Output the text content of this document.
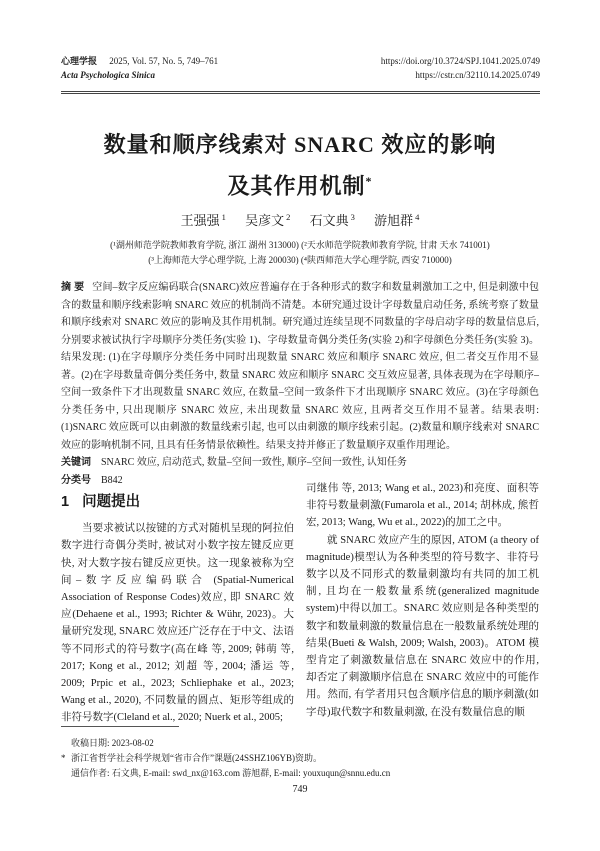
心理学报 2025, Vol. 57, No. 5, 749–761
Acta Psychologica Sinica
https://doi.org/10.3724/SPJ.1041.2025.0749
https://cstr.cn/32110.14.2025.0749
数量和顺序线索对 SNARC 效应的影响
及其作用机制*
王强强 $^1$ 吴彦文 $^2$ 石文典 $^3$ 游旭群 $^4$
(¹湖州师范学院教师教育学院, 浙江 湖州 313000) (²天水师范学院教师教育学院, 甘肃 天水 741001)
(³上海师范大学心理学院, 上海 200030) (⁴陕西师范大学心理学院, 西安 710000)
摘 要 空间–数字反应编码联合(SNARC)效应普遍存在于各种形式的数字和数量刺激加工之中, 但是刺激中包含的数量和顺序线索影响 SNARC 效应的机制尚不清楚。本研究通过设计字母数量启动任务, 系统考察了数量和顺序线索对 SNARC 效应的影响及其作用机制。研究通过连续呈现不同数量的字母启动字母的数量信息后, 分别要求被试执行字母顺序分类任务(实验 1)、字母数量奇偶分类任务(实验 2)和字母颜色分类任务(实验 3)。结果发现: (1)在字母顺序分类任务中同时出现数量 SNARC 效应和顺序 SNARC 效应, 但二者交互作用不显著。(2)在字母数量奇偶分类任务中, 数量 SNARC 效应和顺序 SNARC 交互效应显著, 具体表现为在字母顺序–空间一致条件下才出现数量 SNARC 效应, 在数量–空间一致条件下才出现顺序 SNARC 效应。(3)在字母颜色分类任务中, 只出现顺序 SNARC 效应, 未出现数量 SNARC 效应, 且两者交互作用不显著。结果表明: (1)SNARC 效应既可以由刺激的数量线索引起, 也可以由刺激的顺序线索引起。(2)数量和顺序线索对 SNARC 效应的影响机制不同, 且具有任务情景依赖性。结果支持并修正了数量顺序双重作用理论。
关键词 SNARC 效应, 启动范式, 数量–空间一致性, 顺序–空间一致性, 认知任务
分类号 B842
1 问题提出

当要求被试以按键的方式对随机呈现的阿拉伯数字进行奇偶分类时, 被试对小数字按左键反应更快, 对大数字按右键反应更快。这一现象被称为空间–数字反应编码联合 (Spatial-Numerical Association of Response Codes)效应, 即 SNARC 效应(Dehaene et al., 1993; Richter & Wühr, 2023)。大量研究发现, SNARC 效应还广泛存在于中文、法语等不同形式的符号数字(高在峰 等, 2009; 韩萌 等, 2017; Kong et al., 2012; 刘超 等, 2004; 潘运 等, 2009; Prpic et al., 2023; Schliephake et al., 2023; Wang et al., 2020), 不同数量的圆点、矩形等组成的非符号数字(Cleland et al., 2020; Nuerk et al., 2005;

司继伟 等, 2013; Wang et al., 2023)和亮度、面积等非符号数量刺激(Fumarola et al., 2014; 胡林成, 熊哲宏, 2013; Wang, Wu et al., 2022)的加工之中。

就 SNARC 效应产生的原因, ATOM (a theory of magnitude)模型认为各种类型的符号数字、非符号数字以及不同形式的数量刺激均有共同的加工机制, 且均在一般数量系统(generalized magnitude system)中得以加工。SNARC 效应则是各种类型的数字和数量刺激的数量信息在一般数量系统处理的结果(Bueti & Walsh, 2009; Walsh, 2003)。ATOM 模型肯定了刺激数量信息在 SNARC 效应中的作用, 却否定了刺激顺序信息在 SNARC 效应中的可能作用。然而, 有学者用只包含顺序信息的顺序刺激(如字母)取代数字和数量刺激, 在没有数量信息的顺

收稿日期: 2023-08-02
* 浙江省哲学社会科学规划“省市合作”课题(24SSHZ106YB)资助。
通信作者: 石文典, E-mail: swd_nx@163.com 游旭群, E-mail: youxuqun@snnu.edu.cn
749
